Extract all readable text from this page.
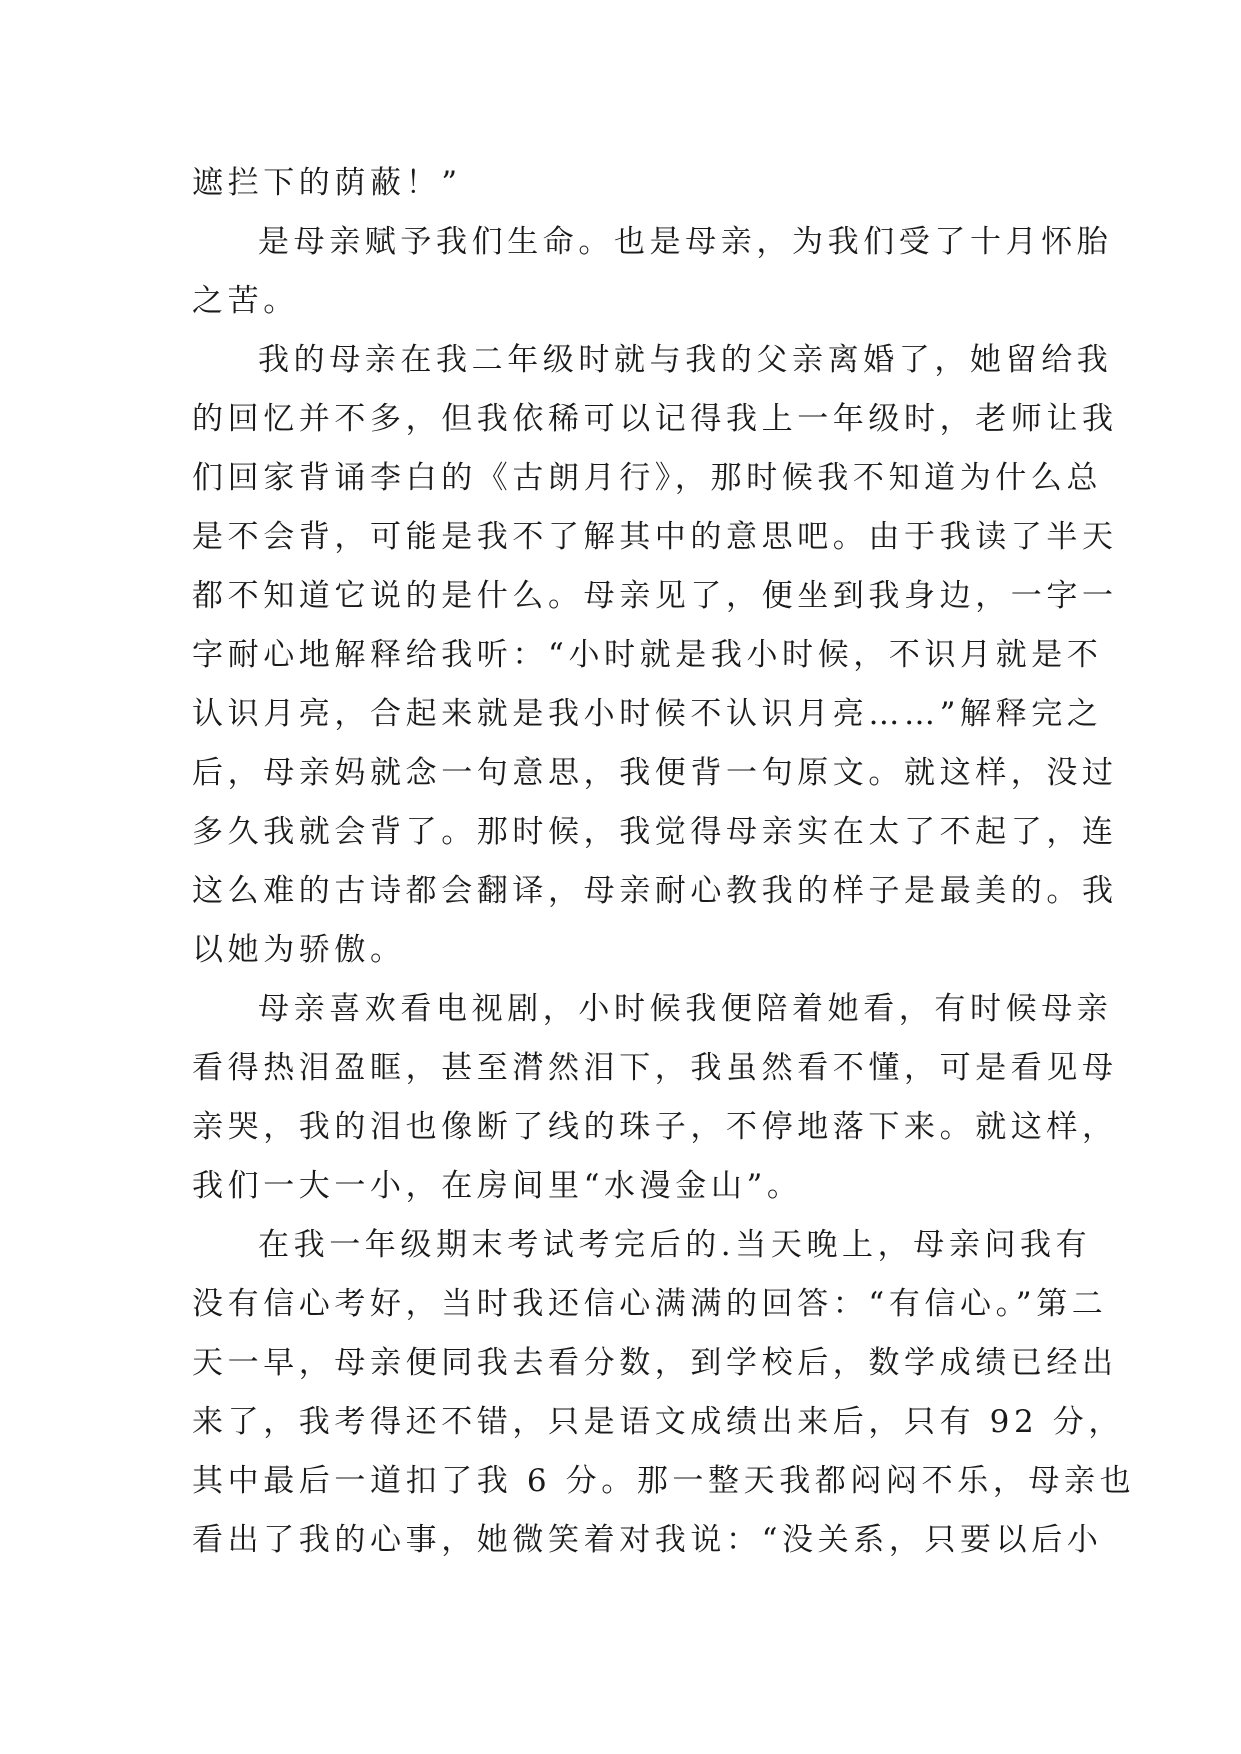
遮拦下的荫蔽！”
是母亲赋予我们生命。也是母亲，为我们受了十月怀胎
之苦。
我的母亲在我二年级时就与我的父亲离婚了，她留给我
的回忆并不多，但我依稀可以记得我上一年级时，老师让我
们回家背诵李白的《古朗月行》，那时候我不知道为什么总
是不会背，可能是我不了解其中的意思吧。由于我读了半天
都不知道它说的是什么。母亲见了，便坐到我身边，一字一
字耐心地解释给我听：“小时就是我小时候，不识月就是不
认识月亮，合起来就是我小时候不认识月亮……”解释完之
后，母亲妈就念一句意思，我便背一句原文。就这样，没过
多久我就会背了。那时候，我觉得母亲实在太了不起了，连
这么难的古诗都会翻译，母亲耐心教我的样子是最美的。我
以她为骄傲。
母亲喜欢看电视剧，小时候我便陪着她看，有时候母亲
看得热泪盈眶，甚至潸然泪下，我虽然看不懂，可是看见母
亲哭，我的泪也像断了线的珠子，不停地落下来。就这样，
我们一大一小，在房间里“水漫金山”。
在我一年级期末考试考完后的.当天晚上，母亲问我有
没有信心考好，当时我还信心满满的回答：“有信心。”第二
天一早，母亲便同我去看分数，到学校后，数学成绩已经出
来了，我考得还不错，只是语文成绩出来后，只有 92 分，
其中最后一道扣了我 6 分。那一整天我都闷闷不乐，母亲也
看出了我的心事，她微笑着对我说：“没关系，只要以后小
